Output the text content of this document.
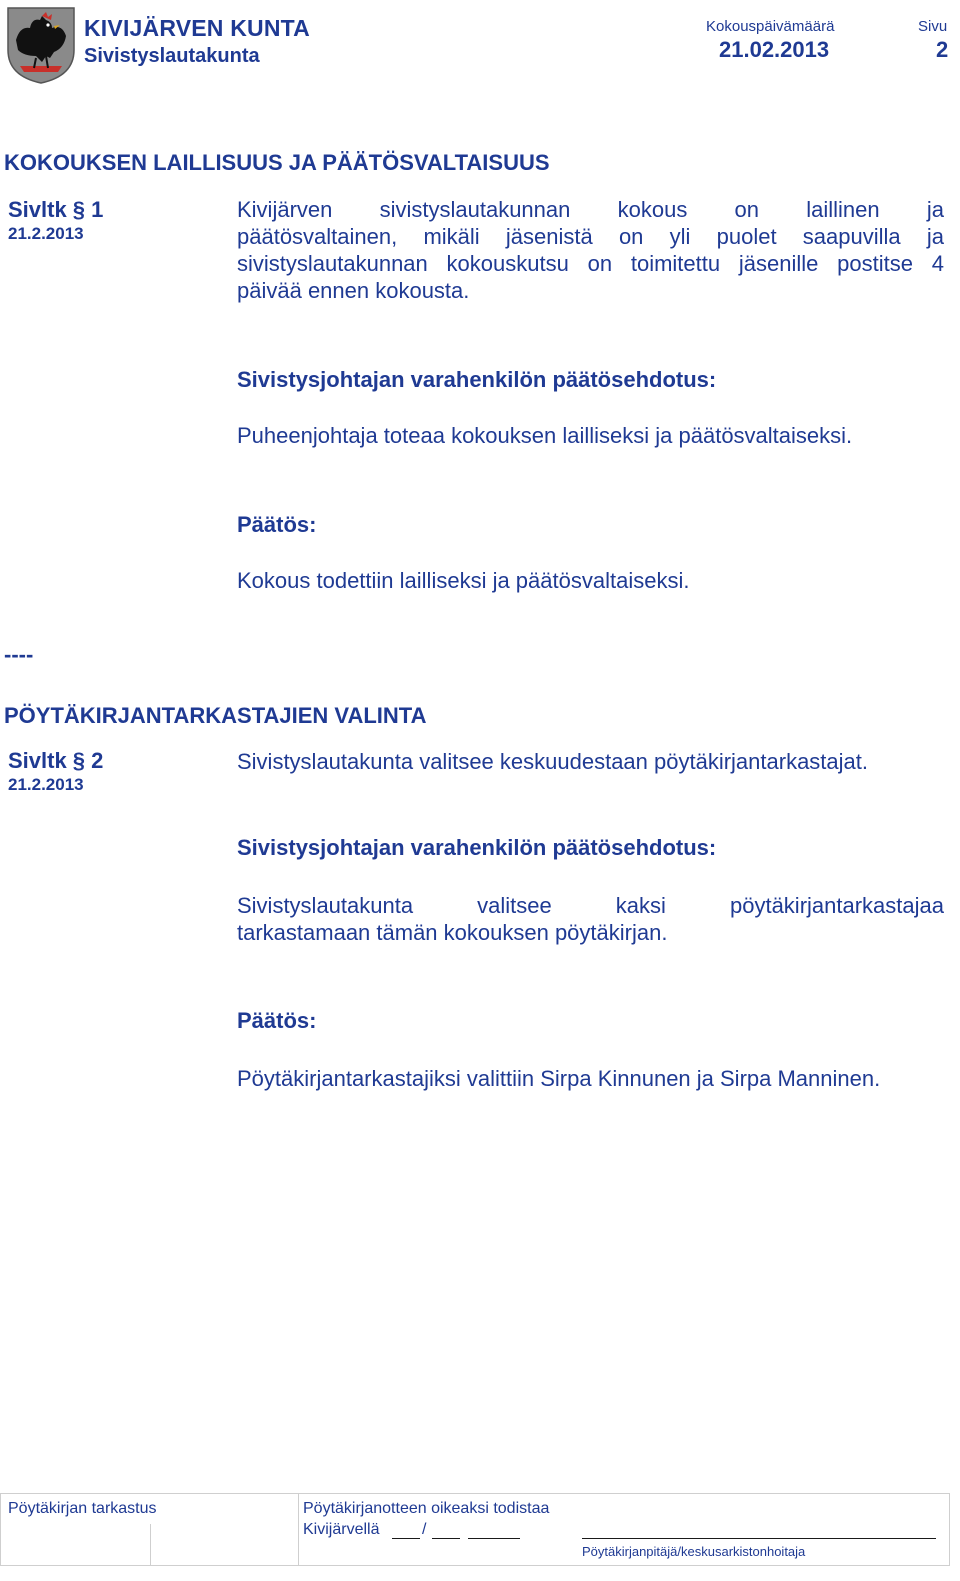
KIVIJÄRVEN KUNTA
Sivistyslautakunta
Kokouspäivämäärä
21.02.2013
Sivu
2
KOKOUKSEN LAILLISUUS JA PÄÄTÖSVALTAISUUS
Sivltk § 1
21.2.2013
Kivijärven sivistyslautakunnan kokous on laillinen ja
päätösvaltainen, mikäli jäsenistä on yli puolet saapuvilla ja
sivistyslautakunnan kokouskutsu on toimitettu jäsenille postitse 4
päivää ennen kokousta.
Sivistysjohtajan varahenkilön päätösehdotus:
Puheenjohtaja toteaa kokouksen lailliseksi ja päätösvaltaiseksi.
Päätös:
Kokous todettiin lailliseksi ja päätösvaltaiseksi.
----
PÖYTÄKIRJANTARKASTAJIEN VALINTA
Sivltk § 2
21.2.2013
Sivistyslautakunta valitsee keskuudestaan pöytäkirjantarkastajat.
Sivistysjohtajan varahenkilön päätösehdotus:
Sivistyslautakunta valitsee kaksi pöytäkirjantarkastajaa
tarkastamaan tämän kokouksen pöytäkirjan.
Päätös:
Pöytäkirjantarkastajiksi valittiin Sirpa Kinnunen ja Sirpa Manninen.
Pöytäkirjan tarkastus	Pöytäkirjanotteen oikeaksi todistaa
Kivijärvellä	/
Pöytäkirjanpitäjä/keskusarkistonhoitaja
